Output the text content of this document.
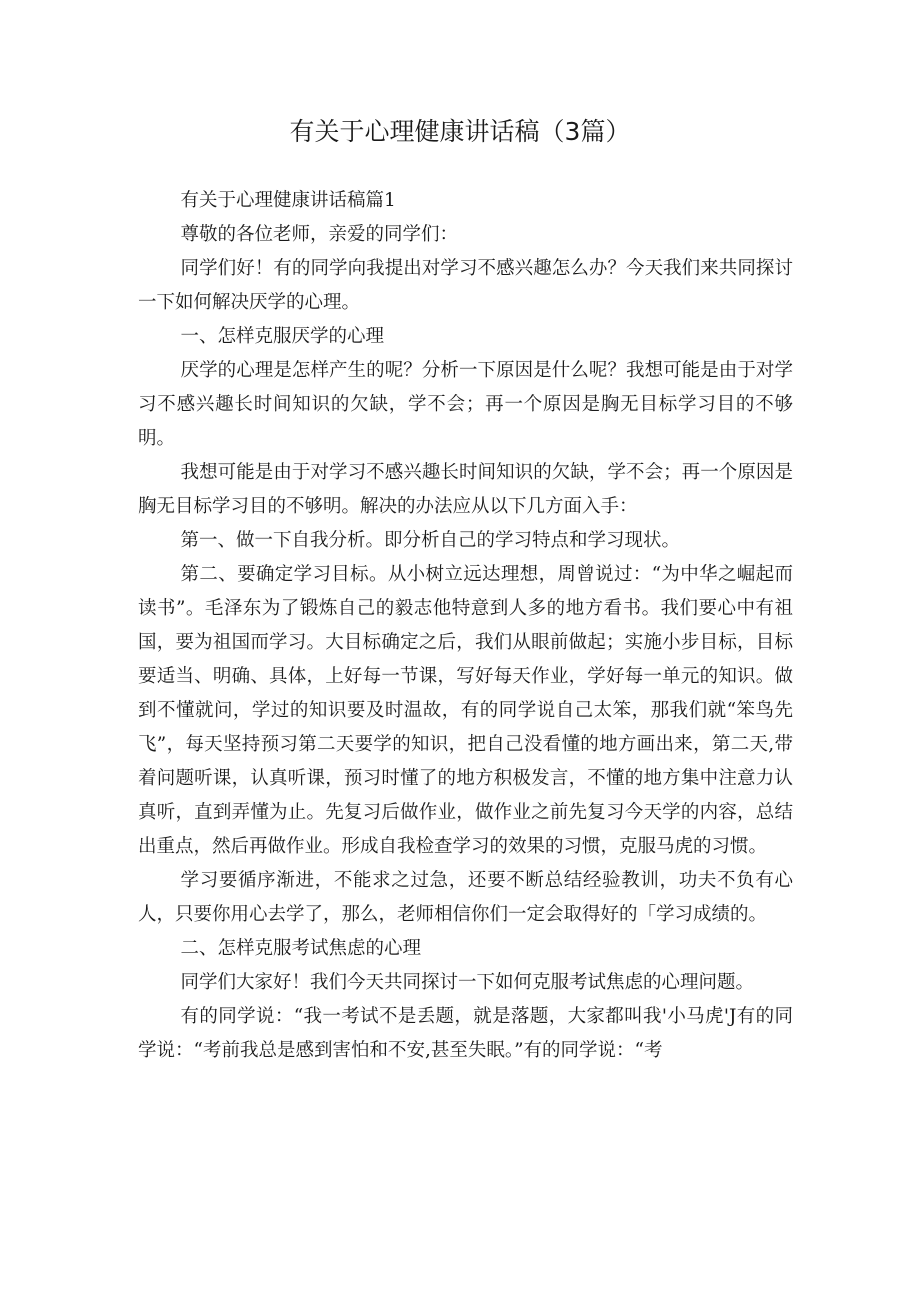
有关于心理健康讲话稿（3篇）

有关于心理健康讲话稿篇1

尊敬的各位老师，亲爱的同学们：

同学们好！有的同学向我提出对学习不感兴趣怎么办？今天我们来共同探讨一下如何解决厌学的心理。

一、怎样克服厌学的心理

厌学的心理是怎样产生的呢？分析一下原因是什么呢？我想可能是由于对学习不感兴趣长时间知识的欠缺，学不会；再一个原因是胸无目标学习目的不够明。

我想可能是由于对学习不感兴趣长时间知识的欠缺，学不会；再一个原因是胸无目标学习目的不够明。解决的办法应从以下几方面入手：

第一、做一下自我分析。即分析自己的学习特点和学习现状。

第二、要确定学习目标。从小树立远达理想，周曾说过：“为中华之崛起而读书”。毛泽东为了锻炼自己的毅志他特意到人多的地方看书。我们要心中有祖国，要为祖国而学习。大目标确定之后，我们从眼前做起；实施小步目标，目标要适当、明确、具体，上好每一节课，写好每天作业，学好每一单元的知识。做到不懂就问，学过的知识要及时温故，有的同学说自己太笨，那我们就“笨鸟先飞”，每天坚持预习第二天要学的知识，把自己没看懂的地方画出来，第二天,带着问题听课，认真听课，预习时懂了的地方积极发言，不懂的地方集中注意力认真听，直到弄懂为止。先复习后做作业，做作业之前先复习今天学的内容，总结出重点，然后再做作业。形成自我检查学习的效果的习惯，克服马虎的习惯。

学习要循序渐进，不能求之过急，还要不断总结经验教训，功夫不负有心人，只要你用心去学了，那么，老师相信你们一定会取得好的「学习成绩的。

二、怎样克服考试焦虑的心理

同学们大家好！我们今天共同探讨一下如何克服考试焦虑的心理问题。

有的同学说：“我一考试不是丢题，就是落题，大家都叫我'小马虎'J有的同学说：“考前我总是感到害怕和不安,甚至失眠。”有的同学说：“考
